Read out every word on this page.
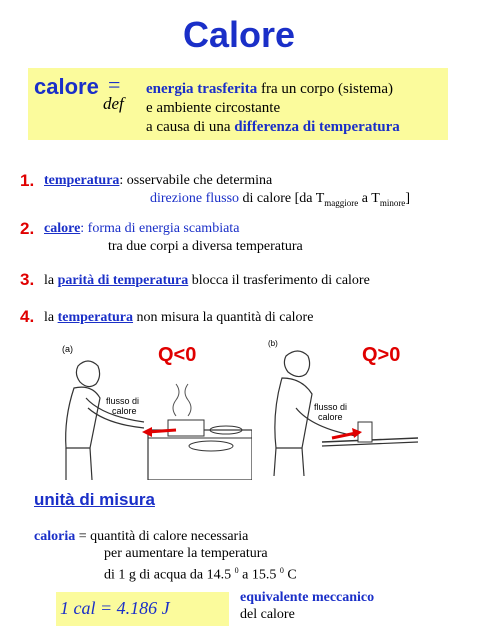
Calore
calore =
def
energia trasferita fra un corpo (sistema)
e ambiente circostante
a causa di una differenza di temperatura
1. temperatura: osservabile che determina
direzione flusso di calore [da $T_{maggiore}$ a $T_{minore}$]
2. calore: forma di energia scambiata
tra due corpi a diversa temperatura
3. la parità di temperatura blocca il trasferimento di calore
4. la temperatura non misura la quantità di calore
(a)
flusso di
calore
(b)
flusso di
calore
Q<0	Q>0
unità di misura
caloria = quantità di calore necessaria
per aumentare la temperatura
di 1 g di acqua da 14.5 $^0$ a 15.5 $^0$ C
1 cal = 4.186 J
equivalente meccanico
del calore
